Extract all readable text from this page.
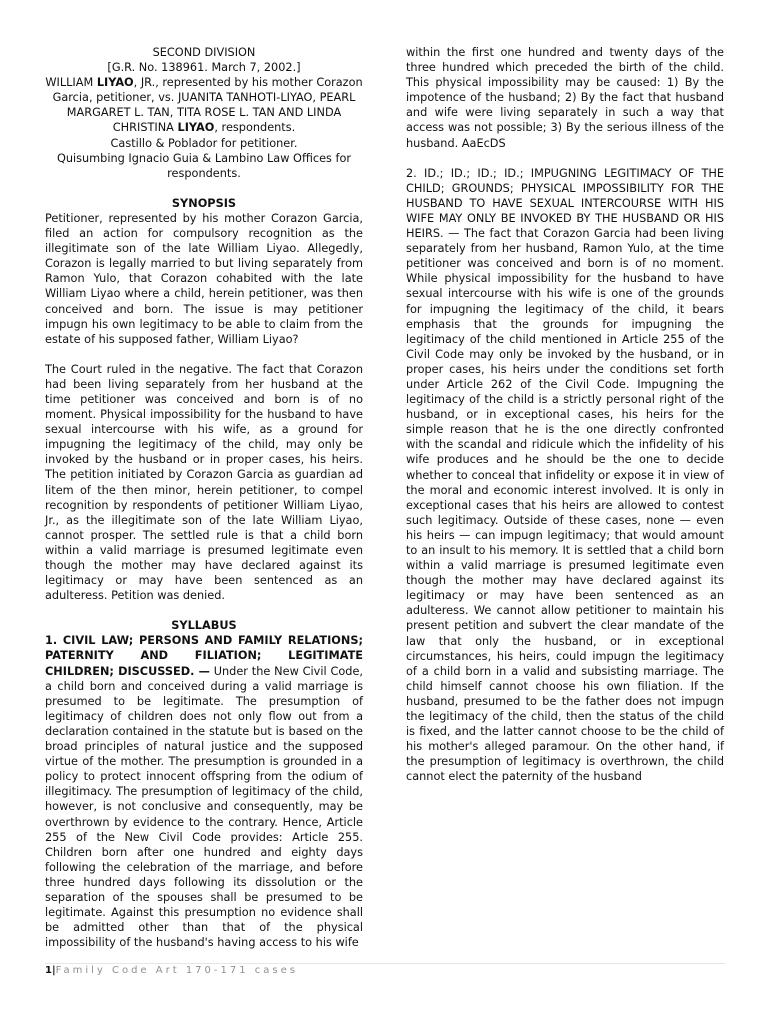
SECOND DIVISION
[G.R. No. 138961. March 7, 2002.]
WILLIAM LIYAO, JR., represented by his mother Corazon Garcia, petitioner, vs. JUANITA TANHOTI-LIYAO, PEARL MARGARET L. TAN, TITA ROSE L. TAN AND LINDA CHRISTINA LIYAO, respondents.
Castillo & Poblador for petitioner.
Quisumbing Ignacio Guia & Lambino Law Offices for respondents.
SYNOPSIS

Petitioner, represented by his mother Corazon Garcia, filed an action for compulsory recognition as the illegitimate son of the late William Liyao. Allegedly, Corazon is legally married to but living separately from Ramon Yulo, that Corazon cohabited with the late William Liyao where a child, herein petitioner, was then conceived and born. The issue is may petitioner impugn his own legitimacy to be able to claim from the estate of his supposed father, William Liyao?

The Court ruled in the negative. The fact that Corazon had been living separately from her husband at the time petitioner was conceived and born is of no moment. Physical impossibility for the husband to have sexual intercourse with his wife, as a ground for impugning the legitimacy of the child, may only be invoked by the husband or in proper cases, his heirs. The petition initiated by Corazon Garcia as guardian ad litem of the then minor, herein petitioner, to compel recognition by respondents of petitioner William Liyao, Jr., as the illegitimate son of the late William Liyao, cannot prosper. The settled rule is that a child born within a valid marriage is presumed legitimate even though the mother may have declared against its legitimacy or may have been sentenced as an adulteress. Petition was denied.

SYLLABUS

1. CIVIL LAW; PERSONS AND FAMILY RELATIONS; PATERNITY AND FILIATION; LEGITIMATE CHILDREN; DISCUSSED. — Under the New Civil Code, a child born and conceived during a valid marriage is presumed to be legitimate. The presumption of legitimacy of children does not only flow out from a declaration contained in the statute but is based on the broad principles of natural justice and the supposed virtue of the mother. The presumption is grounded in a policy to protect innocent offspring from the odium of illegitimacy. The presumption of legitimacy of the child, however, is not conclusive and consequently, may be overthrown by evidence to the contrary. Hence, Article 255 of the New Civil Code provides: Article 255. Children born after one hundred and eighty days following the celebration of the marriage, and before three hundred days following its dissolution or the separation of the spouses shall be presumed to be legitimate. Against this presumption no evidence shall be admitted other than that of the physical impossibility of the husband's having access to his wife

within the first one hundred and twenty days of the three hundred which preceded the birth of the child. This physical impossibility may be caused: 1) By the impotence of the husband; 2) By the fact that husband and wife were living separately in such a way that access was not possible; 3) By the serious illness of the husband. AaEcDS

2. ID.; ID.; ID.; ID.; IMPUGNING LEGITIMACY OF THE CHILD; GROUNDS; PHYSICAL IMPOSSIBILITY FOR THE HUSBAND TO HAVE SEXUAL INTERCOURSE WITH HIS WIFE MAY ONLY BE INVOKED BY THE HUSBAND OR HIS HEIRS. — The fact that Corazon Garcia had been living separately from her husband, Ramon Yulo, at the time petitioner was conceived and born is of no moment. While physical impossibility for the husband to have sexual intercourse with his wife is one of the grounds for impugning the legitimacy of the child, it bears emphasis that the grounds for impugning the legitimacy of the child mentioned in Article 255 of the Civil Code may only be invoked by the husband, or in proper cases, his heirs under the conditions set forth under Article 262 of the Civil Code. Impugning the legitimacy of the child is a strictly personal right of the husband, or in exceptional cases, his heirs for the simple reason that he is the one directly confronted with the scandal and ridicule which the infidelity of his wife produces and he should be the one to decide whether to conceal that infidelity or expose it in view of the moral and economic interest involved. It is only in exceptional cases that his heirs are allowed to contest such legitimacy. Outside of these cases, none — even his heirs — can impugn legitimacy; that would amount to an insult to his memory. It is settled that a child born within a valid marriage is presumed legitimate even though the mother may have declared against its legitimacy or may have been sentenced as an adulteress. We cannot allow petitioner to maintain his present petition and subvert the clear mandate of the law that only the husband, or in exceptional circumstances, his heirs, could impugn the legitimacy of a child born in a valid and subsisting marriage. The child himself cannot choose his own filiation. If the husband, presumed to be the father does not impugn the legitimacy of the child, then the status of the child is fixed, and the latter cannot choose to be the child of his mother's alleged paramour. On the other hand, if the presumption of legitimacy is overthrown, the child cannot elect the paternity of the husband

1|Family Code Art 170-171 cases
